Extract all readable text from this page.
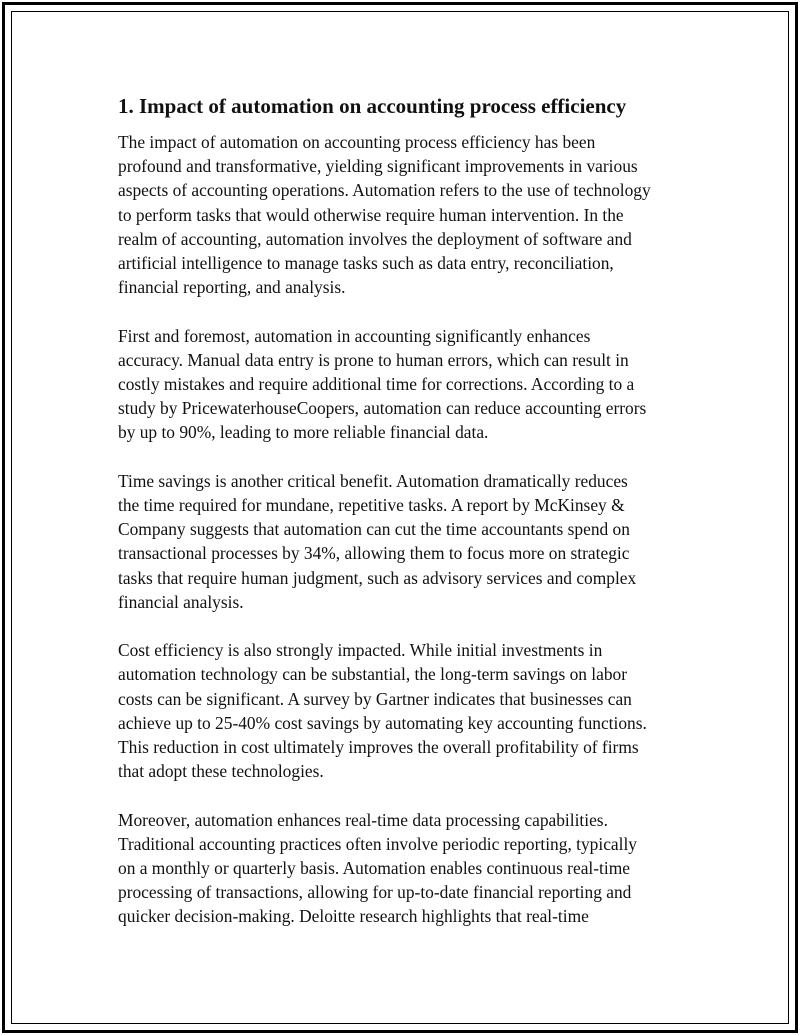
1. Impact of automation on accounting process efficiency
The impact of automation on accounting process efficiency has been
profound and transformative, yielding significant improvements in various
aspects of accounting operations. Automation refers to the use of technology
to perform tasks that would otherwise require human intervention. In the
realm of accounting, automation involves the deployment of software and
artificial intelligence to manage tasks such as data entry, reconciliation,
financial reporting, and analysis.
First and foremost, automation in accounting significantly enhances
accuracy. Manual data entry is prone to human errors, which can result in
costly mistakes and require additional time for corrections. According to a
study by PricewaterhouseCoopers, automation can reduce accounting errors
by up to 90%, leading to more reliable financial data.
Time savings is another critical benefit. Automation dramatically reduces
the time required for mundane, repetitive tasks. A report by McKinsey &
Company suggests that automation can cut the time accountants spend on
transactional processes by 34%, allowing them to focus more on strategic
tasks that require human judgment, such as advisory services and complex
financial analysis.
Cost efficiency is also strongly impacted. While initial investments in
automation technology can be substantial, the long-term savings on labor
costs can be significant. A survey by Gartner indicates that businesses can
achieve up to 25-40% cost savings by automating key accounting functions.
This reduction in cost ultimately improves the overall profitability of firms
that adopt these technologies.
Moreover, automation enhances real-time data processing capabilities.
Traditional accounting practices often involve periodic reporting, typically
on a monthly or quarterly basis. Automation enables continuous real-time
processing of transactions, allowing for up-to-date financial reporting and
quicker decision-making. Deloitte research highlights that real-time
